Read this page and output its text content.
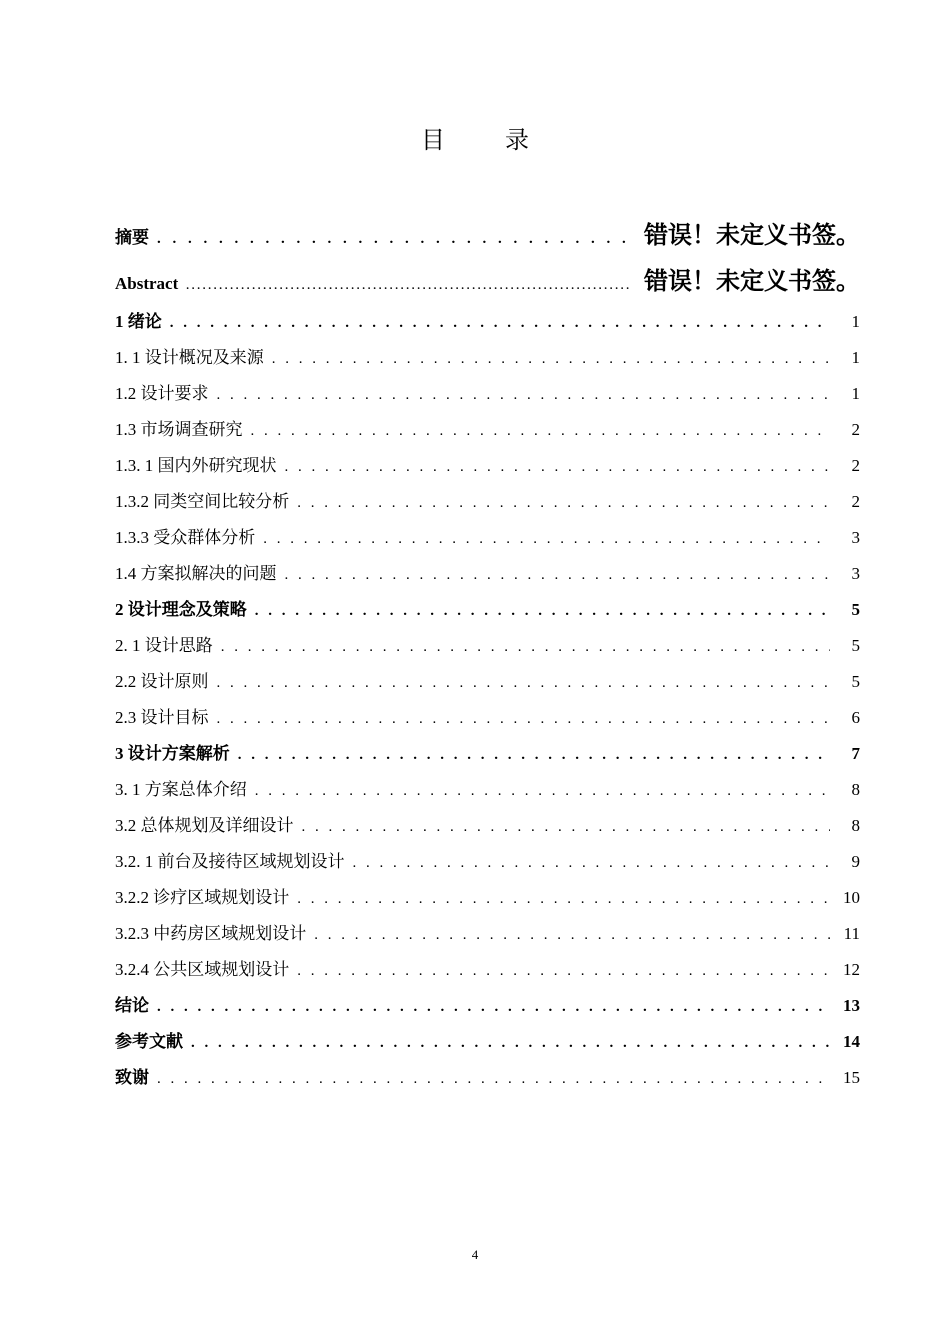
目　录
摘要 . . .	错误！未定义书签。
Abstract . . .	错误！未定义书签。
1 绪论 . . .	1
1. 1 设计概况及来源 . . .	1
1.2 设计要求 . . .	1
1.3 市场调查研究 . . .	2
1.3. 1 国内外研究现状 . . .	2
1.3.2 同类空间比较分析 . . .	2
1.3.3 受众群体分析 . . .	3
1.4 方案拟解决的问题 . . .	3
2 设计理念及策略 . . .	5
2. 1 设计思路 . . .	5
2.2 设计原则 . . .	5
2.3 设计目标 . . .	6
3 设计方案解析 . . .	7
3. 1 方案总体介绍 . . .	8
3.2 总体规划及详细设计 . . .	8
3.2. 1 前台及接待区域规划设计 . . .	9
3.2.2 诊疗区域规划设计 . . .	10
3.2.3 中药房区域规划设计 . . .	11
3.2.4 公共区域规划设计 . . .	12
结论 . . .	13
参考文献 . . .	14
致谢 . . .	15
4
